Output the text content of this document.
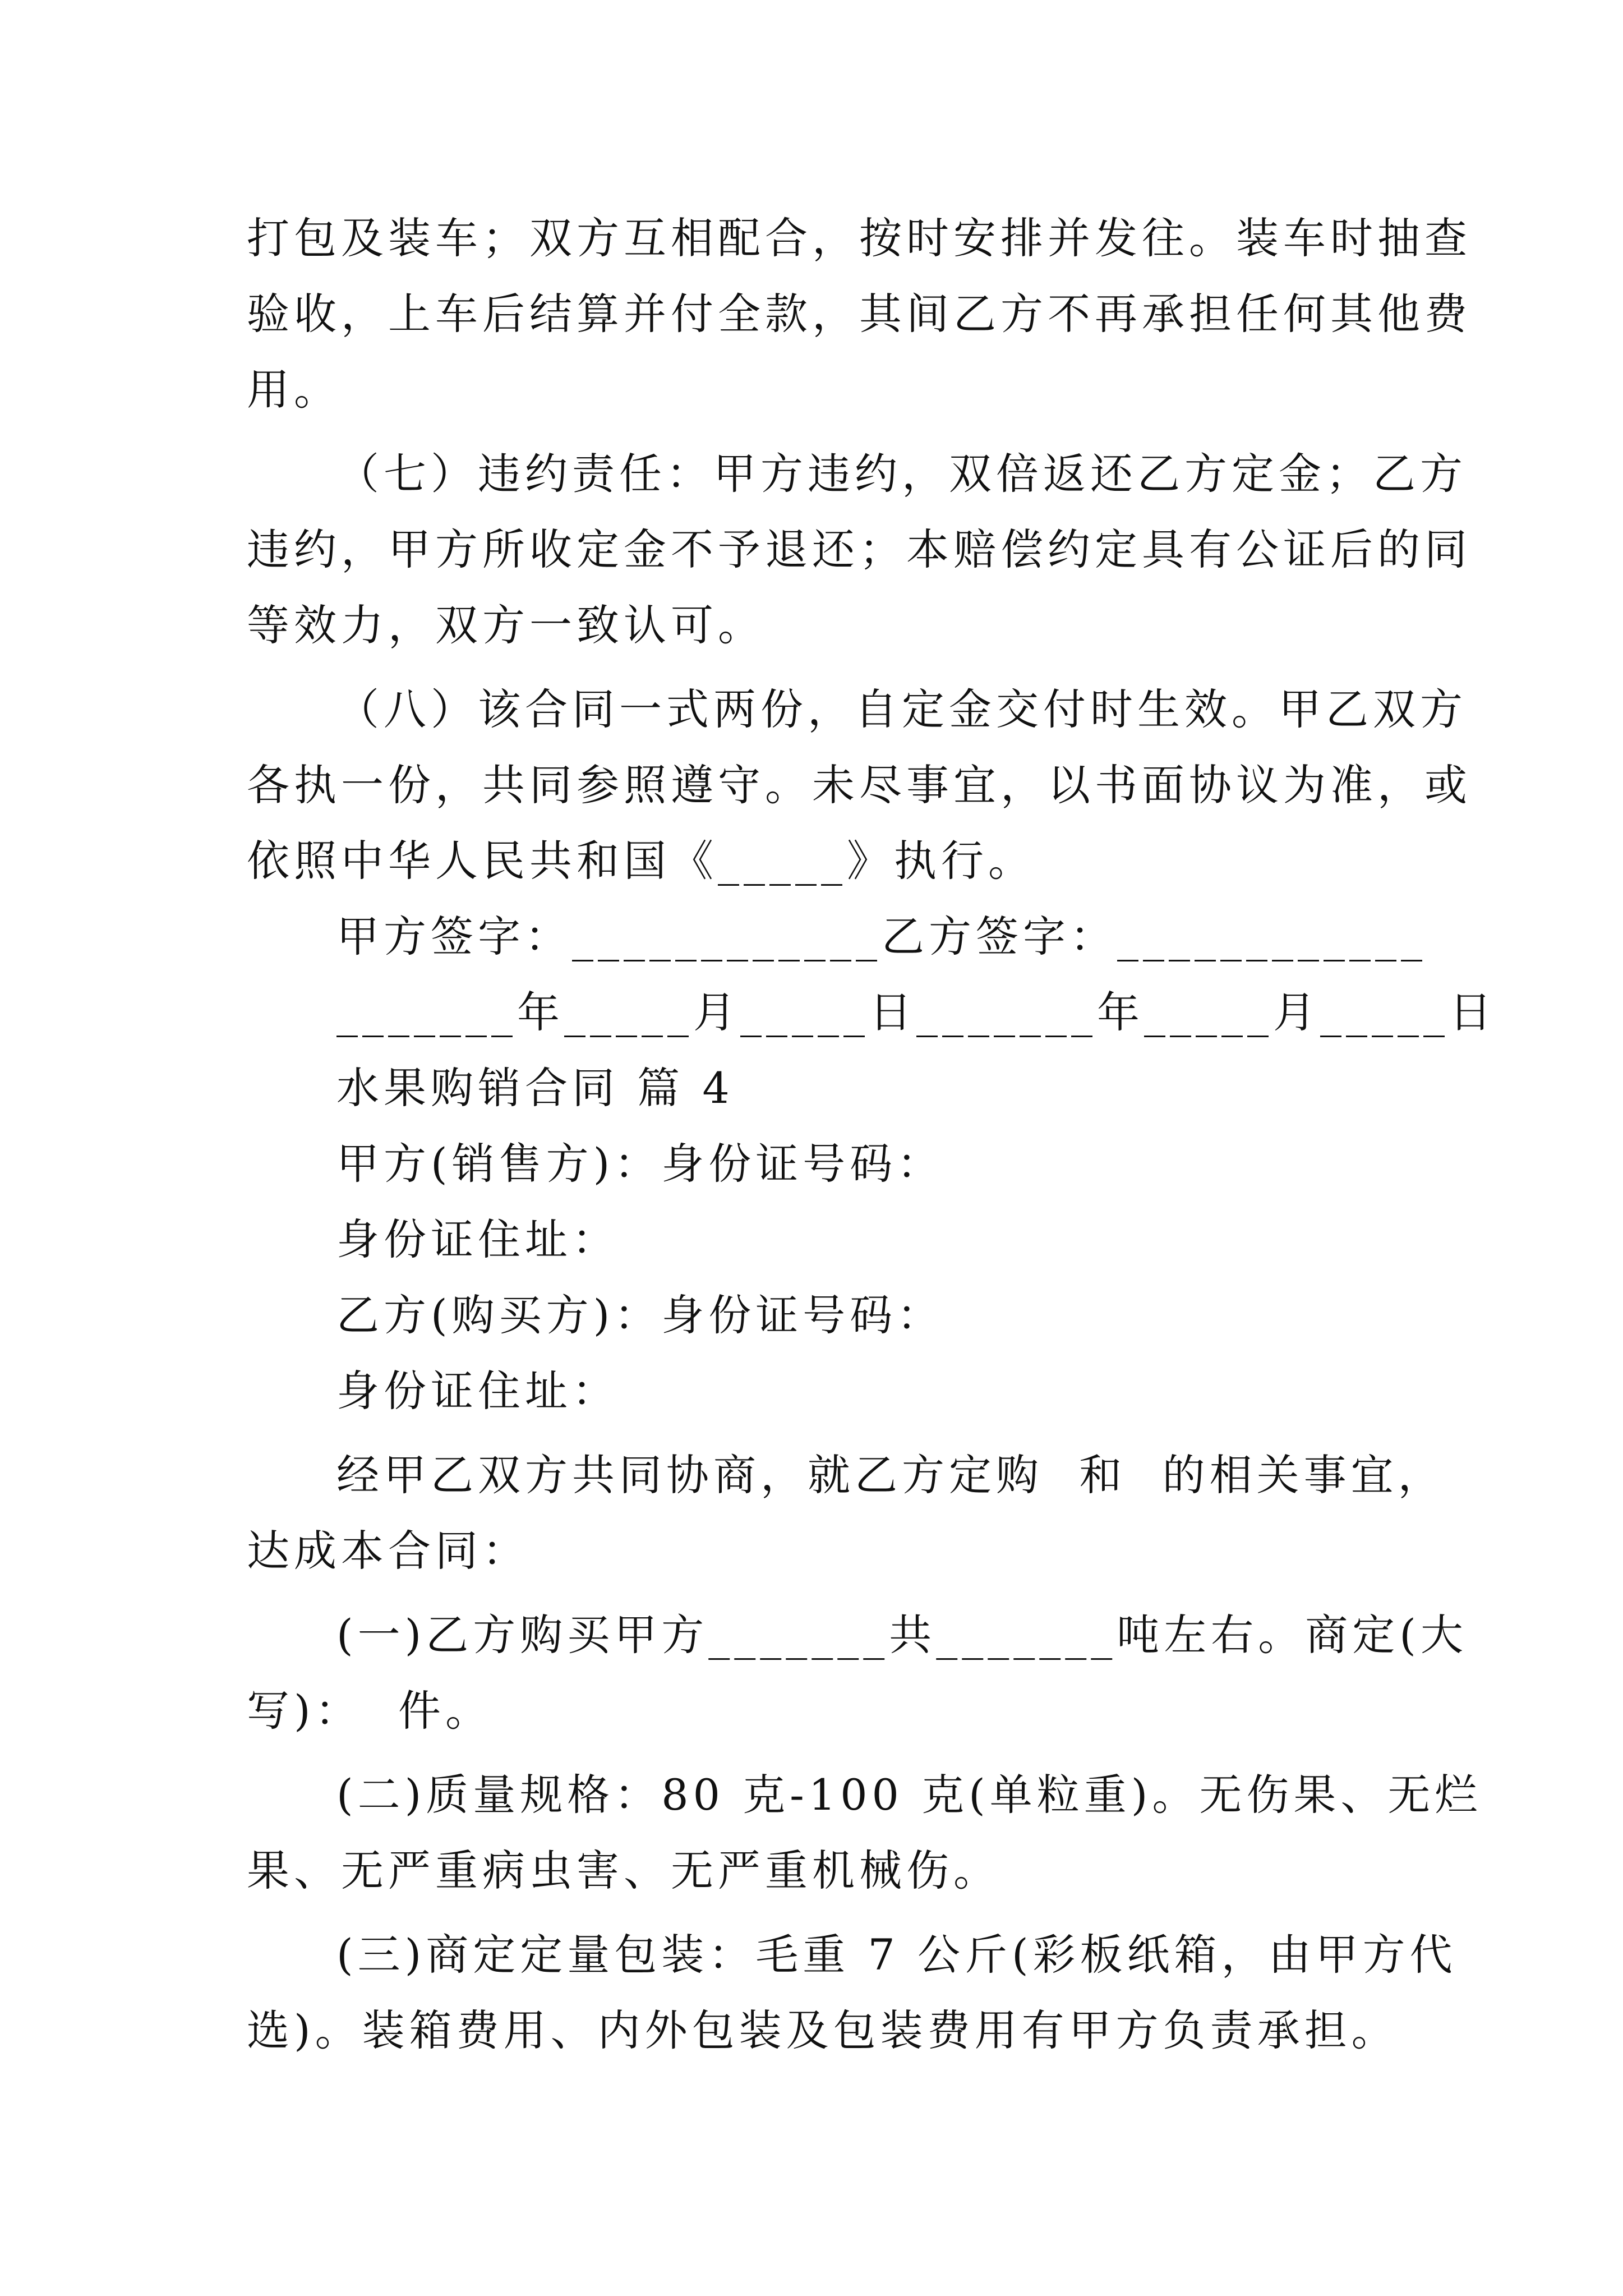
打包及装车；双方互相配合，按时安排并发往。装车时抽查
验收，上车后结算并付全款，其间乙方不再承担任何其他费
用。
（七）违约责任：甲方违约，双倍返还乙方定金；乙方
违约，甲方所收定金不予退还；本赔偿约定具有公证后的同
等效力，双方一致认可。
（八）该合同一式两份，自定金交付时生效。甲乙双方
各执一份，共同参照遵守。未尽事宜，以书面协议为准，或
依照中华人民共和国《_____》执行。
甲方签字：____________乙方签字：____________
_______年_____月_____日_______年_____月_____日
水果购销合同 篇 4
甲方(销售方)：身份证号码：
身份证住址：
乙方(购买方)：身份证号码：
身份证住址：
经甲乙双方共同协商，就乙方定购  和  的相关事宜，
达成本合同：
(一)乙方购买甲方_______共_______吨左右。商定(大
写)：  件。
(二)质量规格：80 克-100 克(单粒重)。无伤果、无烂
果、无严重病虫害、无严重机械伤。
(三)商定定量包装：毛重 7 公斤(彩板纸箱，由甲方代
选)。装箱费用、内外包装及包装费用有甲方负责承担。
